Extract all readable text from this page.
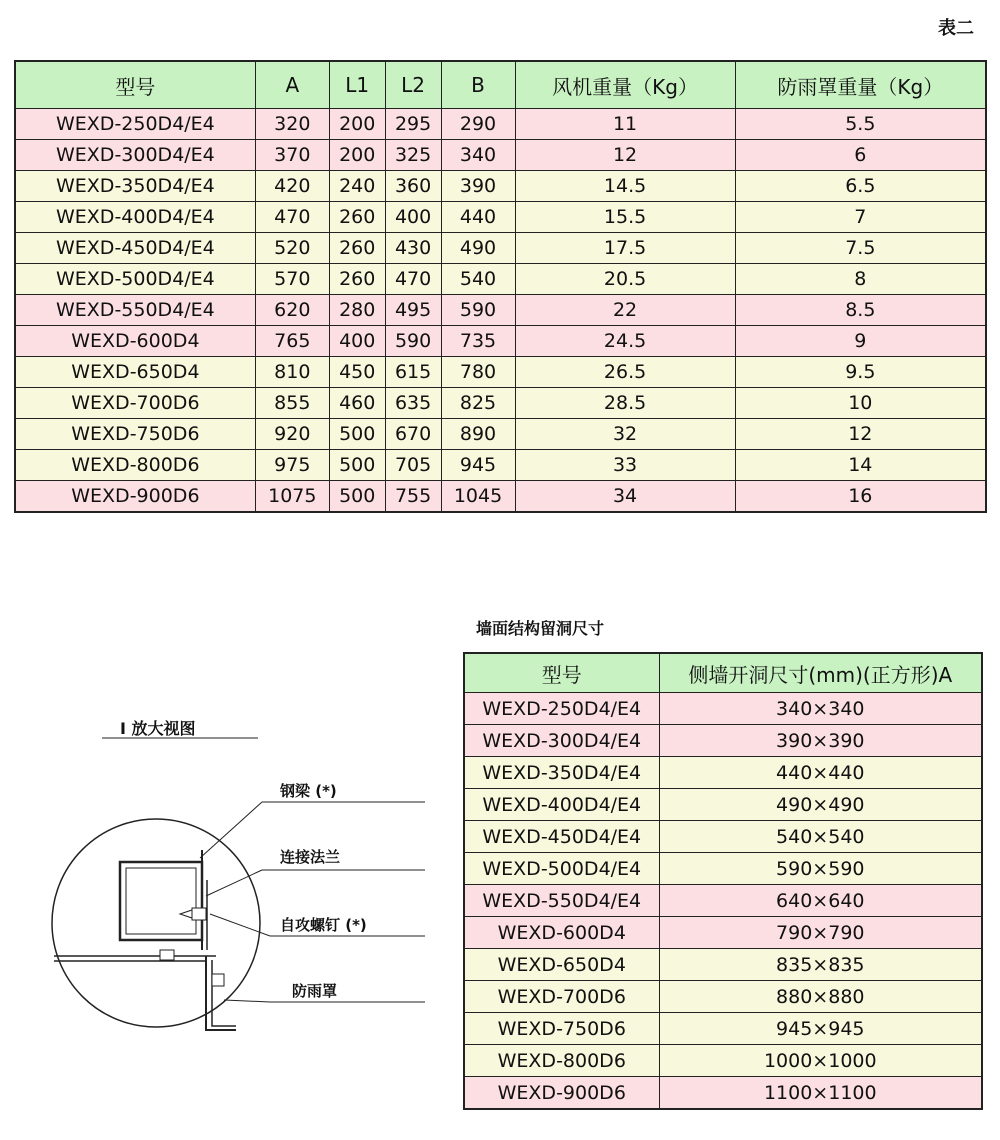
表二
型号	A	L1	L2	B	风机重量（Kg）	防雨罩重量（Kg）
WEXD-250D4/E4	320	200	295	290	11	5.5
WEXD-300D4/E4	370	200	325	340	12	6
WEXD-350D4/E4	420	240	360	390	14.5	6.5
WEXD-400D4/E4	470	260	400	440	15.5	7
WEXD-450D4/E4	520	260	430	490	17.5	7.5
WEXD-500D4/E4	570	260	470	540	20.5	8
WEXD-550D4/E4	620	280	495	590	22	8.5
WEXD-600D4	765	400	590	735	24.5	9
WEXD-650D4	810	450	615	780	26.5	9.5
WEXD-700D6	855	460	635	825	28.5	10
WEXD-750D6	920	500	670	890	32	12
WEXD-800D6	975	500	705	945	33	14
WEXD-900D6	1075	500	755	1045	34	16
墙面结构留洞尺寸
型号	侧墙开洞尺寸(mm)(正方形)A
WEXD-250D4/E4	340×340
WEXD-300D4/E4	390×390
WEXD-350D4/E4	440×440
WEXD-400D4/E4	490×490
WEXD-450D4/E4	540×540
WEXD-500D4/E4	590×590
WEXD-550D4/E4	640×640
WEXD-600D4	790×790
WEXD-650D4	835×835
WEXD-700D6	880×880
WEXD-750D6	945×945
WEXD-800D6	1000×1000
WEXD-900D6	1100×1100
I 放大视图
钢梁 (*)
连接法兰
自攻螺钉 (*)
防雨罩
